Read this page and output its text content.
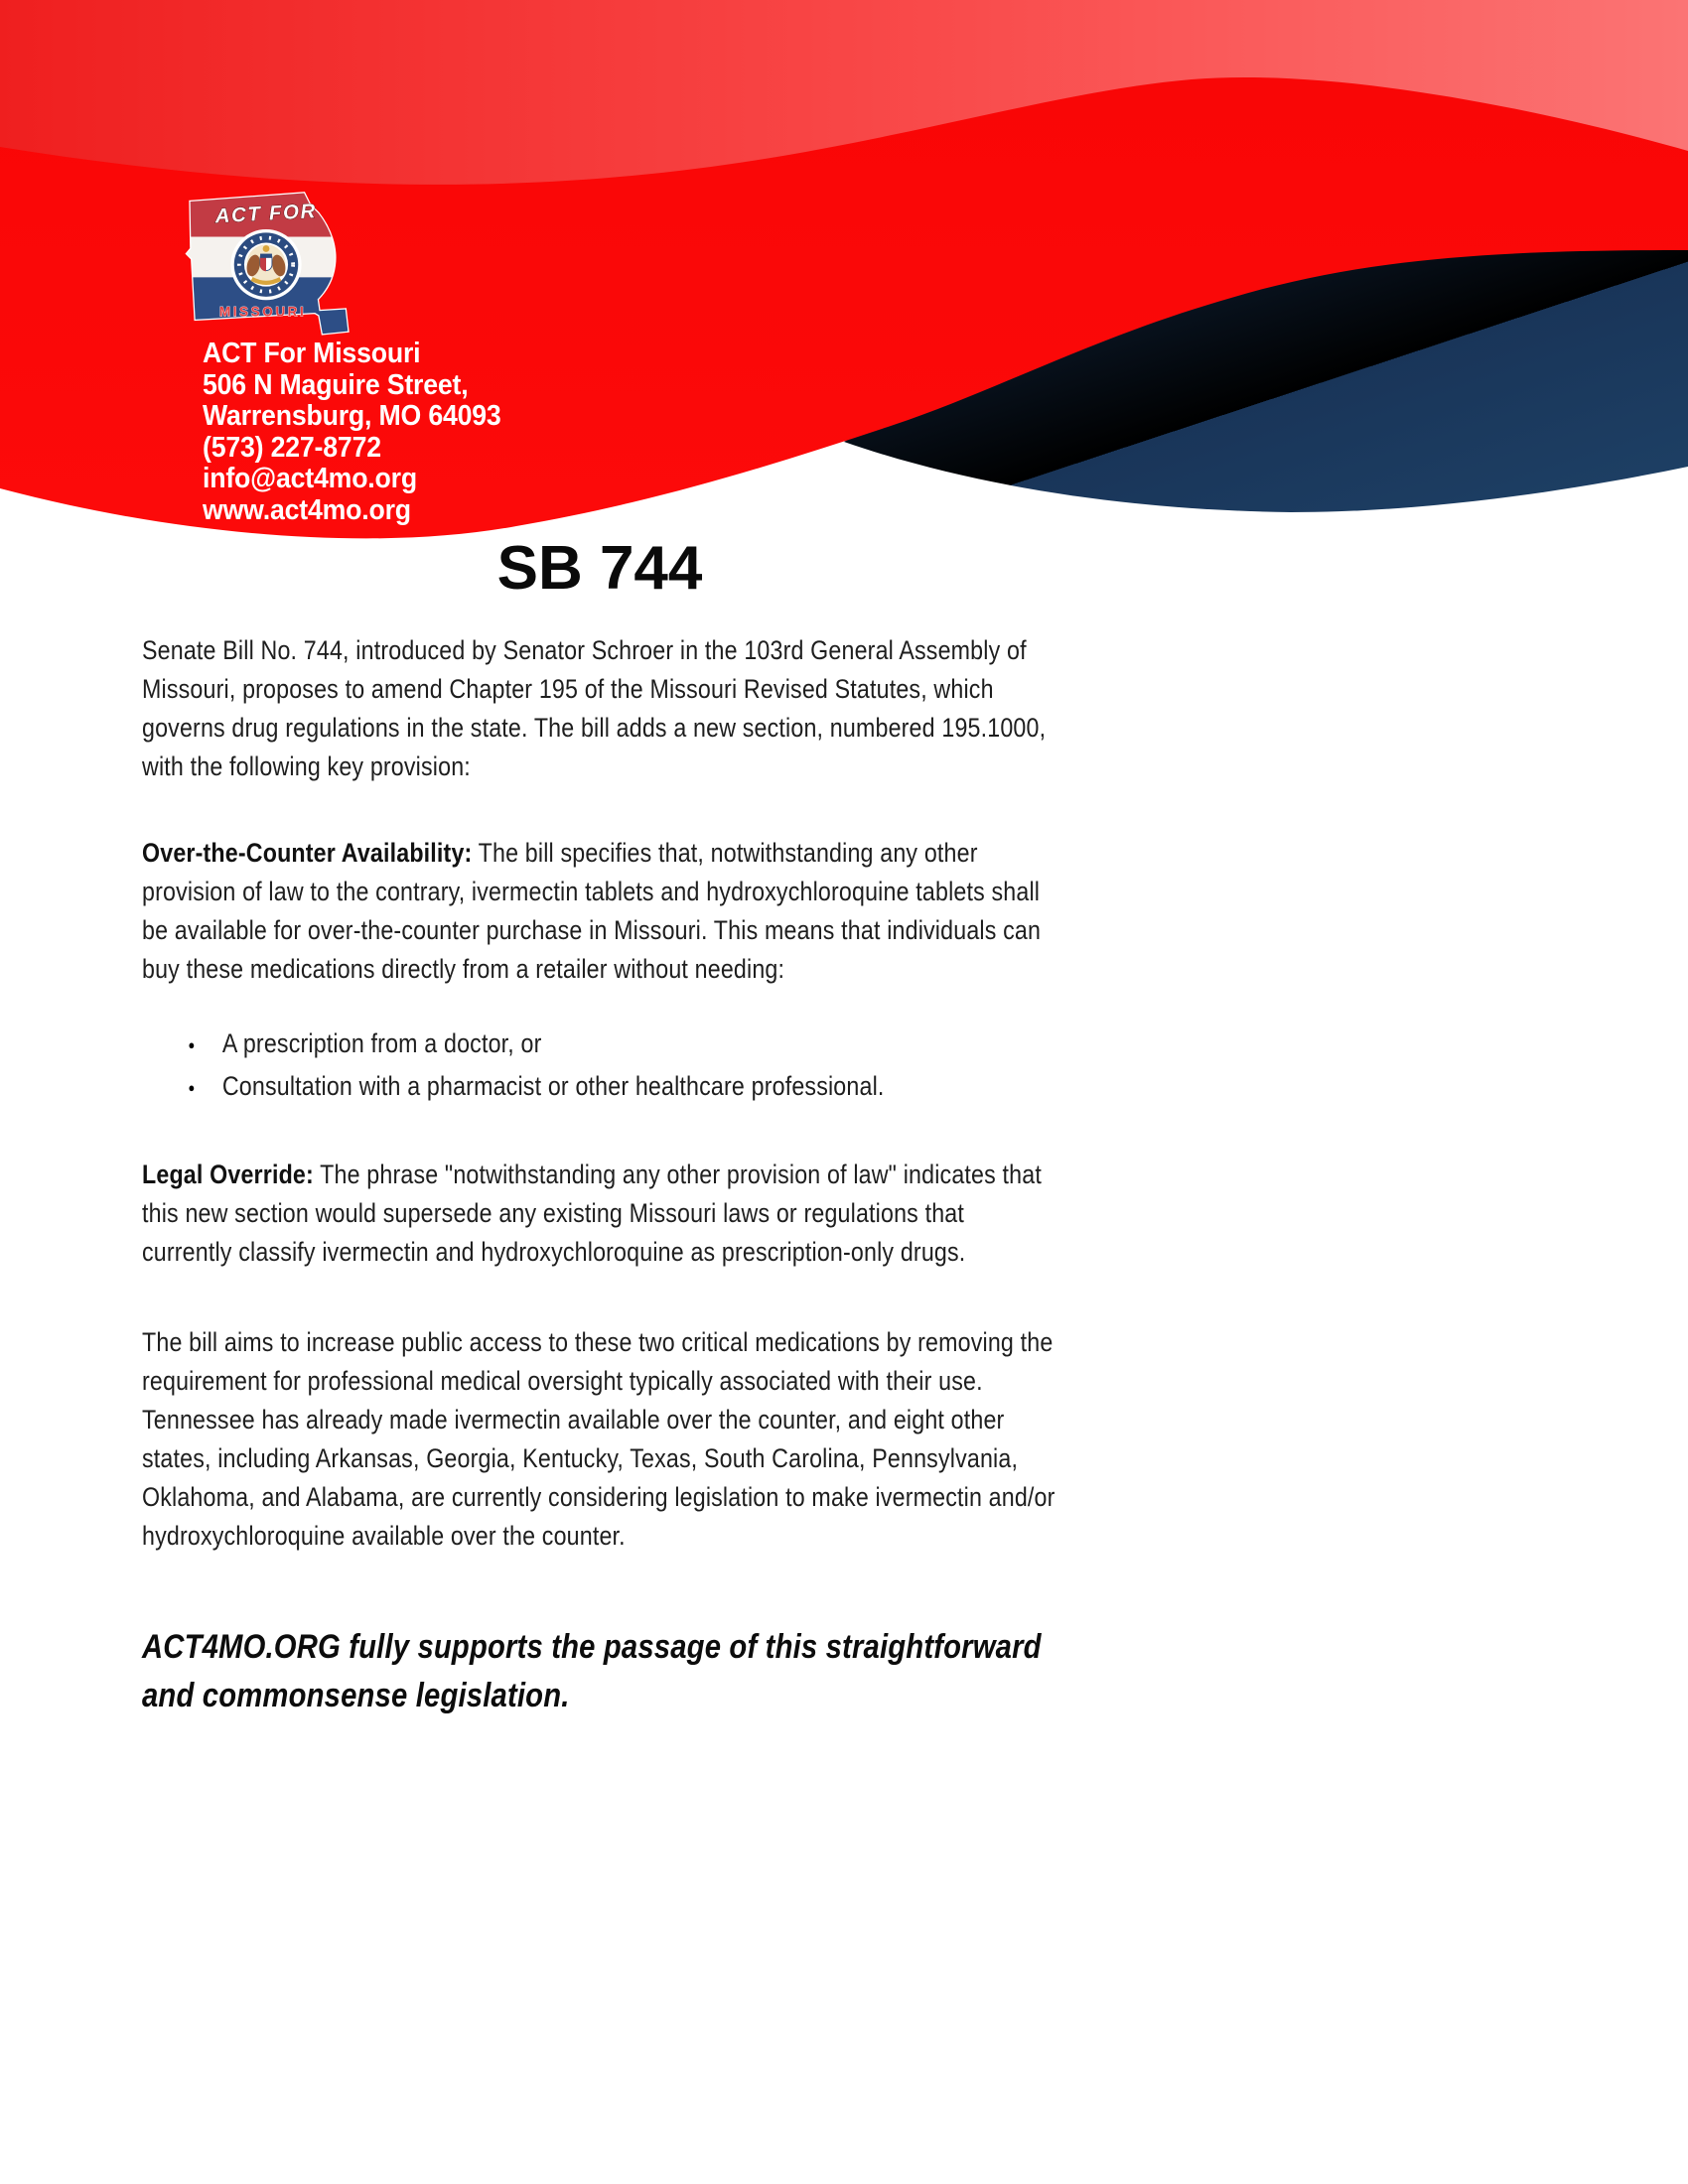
ACT FOR
MISSOURI
ACT For Missouri
506 N Maguire Street,
Warrensburg, MO 64093
(573) 227-8772
info@act4mo.org
www.act4mo.org
SB 744

Senate Bill No. 744, introduced by Senator Schroer in the 103rd General Assembly of Missouri, proposes to amend Chapter 195 of the Missouri Revised Statutes, which governs drug regulations in the state. The bill adds a new section, numbered 195.1000, with the following key provision:

Over-the-Counter Availability: The bill specifies that, notwithstanding any other provision of law to the contrary, ivermectin tablets and hydroxychloroquine tablets shall be available for over-the-counter purchase in Missouri. This means that individuals can buy these medications directly from a retailer without needing:

● A prescription from a doctor, or
● Consultation with a pharmacist or other healthcare professional.

Legal Override: The phrase "notwithstanding any other provision of law" indicates that this new section would supersede any existing Missouri laws or regulations that currently classify ivermectin and hydroxychloroquine as prescription-only drugs.

The bill aims to increase public access to these two critical medications by removing the requirement for professional medical oversight typically associated with their use. Tennessee has already made ivermectin available over the counter, and eight other states, including Arkansas, Georgia, Kentucky, Texas, South Carolina, Pennsylvania, Oklahoma, and Alabama, are currently considering legislation to make ivermectin and/or hydroxychloroquine available over the counter.

ACT4MO.ORG fully supports the passage of this straightforward and commonsense legislation.
